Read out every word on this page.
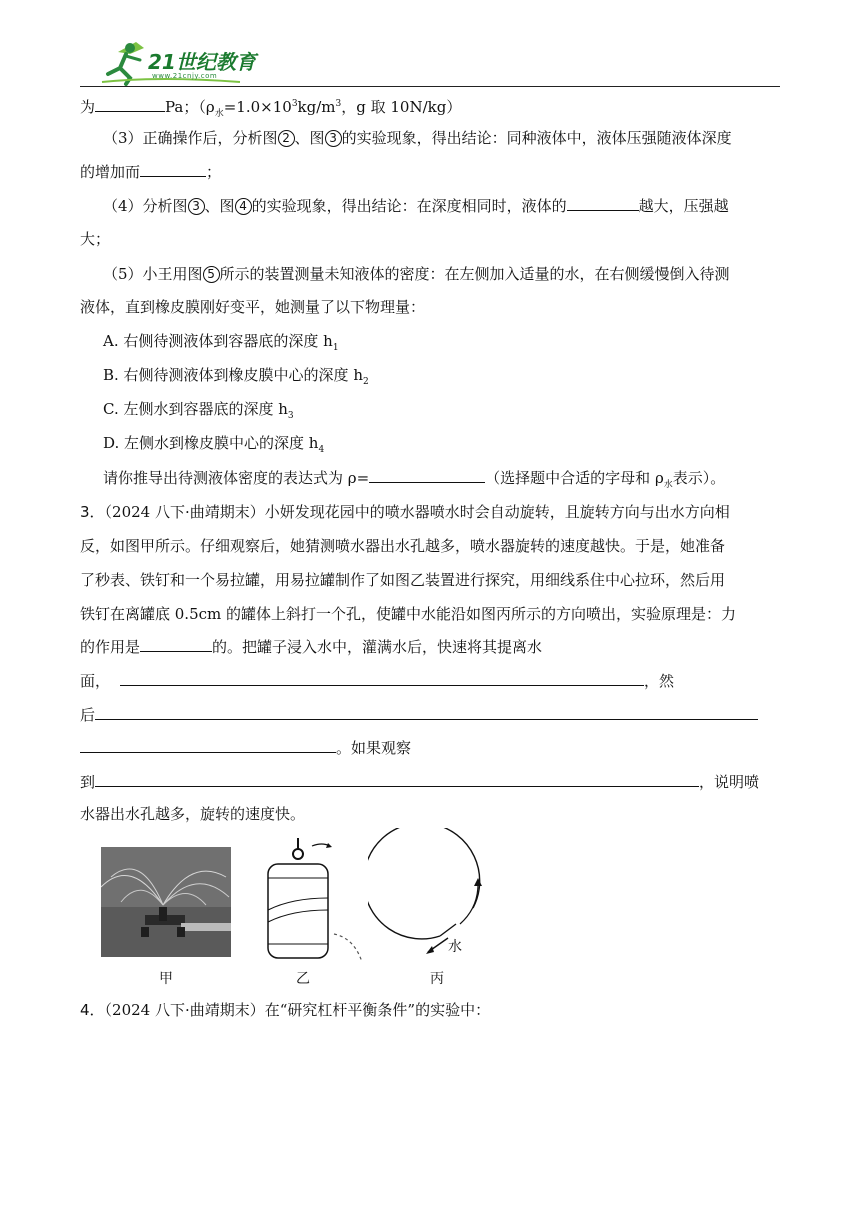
21世纪教育
www.21cnjy.com
为	Pa；（$\rho_水=1.0\times 10^3kg/m^3$，g 取 10N/kg）
（3）正确操作后，分析图 2 、图 3 的实验现象，得出结论：同种液体中，液体压强随液体深度
的增加而	；
（4）分析图 3 、图 4 的实验现象，得出结论：在深度相同时，液体的	越大，压强越
大；
（5）小王用图 5 所示的装置测量未知液体的密度：在左侧加入适量的水，在右侧缓慢倒入待测
液体，直到橡皮膜刚好变平，她测量了以下物理量：
A. 右侧待测液体到容器底的深度 $h_1$
B. 右侧待测液体到橡皮膜中心的深度 $h_2$
C. 左侧水到容器底的深度 $h_3$
D. 左侧水到橡皮膜中心的深度 $h_4$
请你推导出待测液体密度的表达式为 ρ=	（选择题中合适的字母和 $\rho_水$表示）。
3．（2024 八下·曲靖期末）小妍发现花园中的喷水器喷水时会自动旋转，且旋转方向与出水方向相
反，如图甲所示。仔细观察后，她猜测喷水器出水孔越多，喷水器旋转的速度越快。于是，她准备
了秒表、铁钉和一个易拉罐，用易拉罐制作了如图乙装置进行探究，用细线系住中心拉环，然后用
铁钉在离罐底 0.5cm 的罐体上斜打一个孔，使罐中水能沿如图丙所示的方向喷出，实验原理是：力
的作用是	的。把罐子浸入水中，灌满水后，快速将其提离水
面，	，然
后
。如果观察
到	，说明喷
水器出水孔越多，旋转的速度快。
甲	乙
水
丙
4．（2024 八下·曲靖期末）在“研究杠杆平衡条件”的实验中：
